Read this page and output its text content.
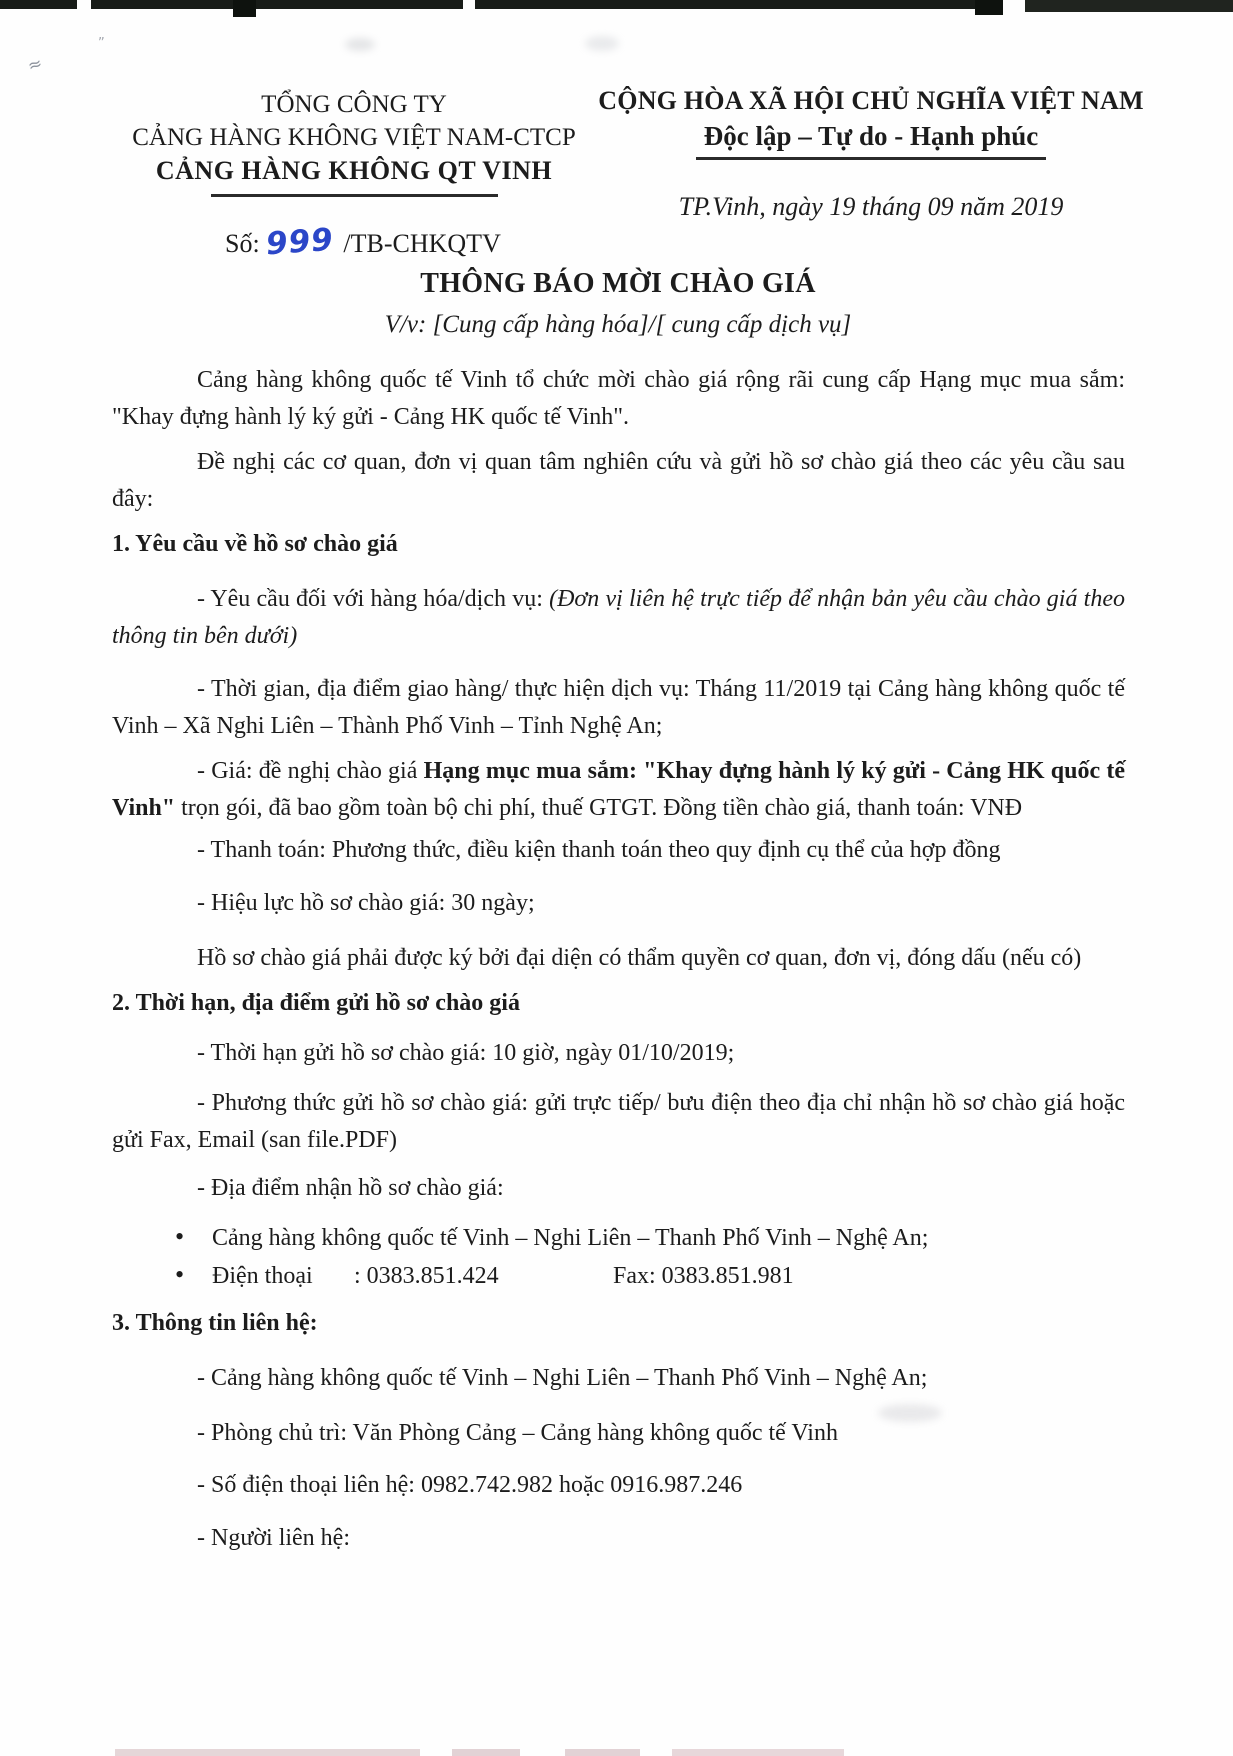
≈
”
TỔNG CÔNG TY
CẢNG HÀNG KHÔNG VIỆT NAM-CTCP
CẢNG HÀNG KHÔNG QT VINH
CỘNG HÒA XÃ HỘI CHỦ NGHĨA VIỆT NAM
Độc lập – Tự do - Hạnh phúc
TP.Vinh, ngày 19 tháng 09 năm 2019
Số: 999 /TB-CHKQTV
THÔNG BÁO MỜI CHÀO GIÁ
V/v: [Cung cấp hàng hóa]/[ cung cấp dịch vụ]

Cảng hàng không quốc tế Vinh tổ chức mời chào giá rộng rãi cung cấp Hạng mục mua sắm: "Khay đựng hành lý ký gửi - Cảng HK quốc tế Vinh".

Đề nghị các cơ quan, đơn vị quan tâm nghiên cứu và gửi hồ sơ chào giá theo các yêu cầu sau đây:

1. Yêu cầu về hồ sơ chào giá

- Yêu cầu đối với hàng hóa/dịch vụ: (Đơn vị liên hệ trực tiếp để nhận bản yêu cầu chào giá theo thông tin bên dưới)

- Thời gian, địa điểm giao hàng/ thực hiện dịch vụ: Tháng 11/2019 tại Cảng hàng không quốc tế Vinh – Xã Nghi Liên – Thành Phố Vinh – Tỉnh Nghệ An;

- Giá: đề nghị chào giá Hạng mục mua sắm: "Khay đựng hành lý ký gửi - Cảng HK quốc tế Vinh" trọn gói, đã bao gồm toàn bộ chi phí, thuế GTGT. Đồng tiền chào giá, thanh toán: VNĐ

- Thanh toán: Phương thức, điều kiện thanh toán theo quy định cụ thể của hợp đồng

- Hiệu lực hồ sơ chào giá: 30 ngày;

Hồ sơ chào giá phải được ký bởi đại diện có thẩm quyền cơ quan, đơn vị, đóng dấu (nếu có)

2. Thời hạn, địa điểm gửi hồ sơ chào giá

- Thời hạn gửi hồ sơ chào giá: 10 giờ, ngày 01/10/2019;

- Phương thức gửi hồ sơ chào giá: gửi trực tiếp/ bưu điện theo địa chỉ nhận hồ sơ chào giá hoặc gửi Fax, Email (san file.PDF)

- Địa điểm nhận hồ sơ chào giá:

• Cảng hàng không quốc tế Vinh – Nghi Liên – Thanh Phố Vinh – Nghệ An;

• Điện thoại : 0383.851.424	Fax: 0383.851.981

3. Thông tin liên hệ:

- Cảng hàng không quốc tế Vinh – Nghi Liên – Thanh Phố Vinh – Nghệ An;

- Phòng chủ trì: Văn Phòng Cảng – Cảng hàng không quốc tế Vinh

- Số điện thoại liên hệ: 0982.742.982 hoặc 0916.987.246

- Người liên hệ:
